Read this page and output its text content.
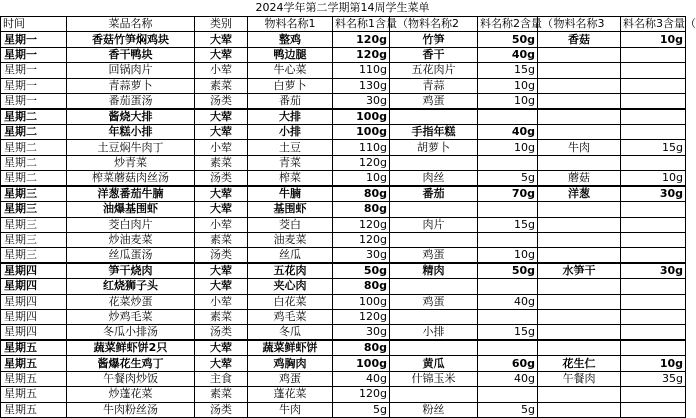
2024学年第二学期第14周学生菜单
时间	菜品名称	类别	物料名称1	料名称1含量（	物料名称2	料名称2含量（	物料名称3	料名称3含量（
星期一	香菇竹笋焖鸡块	大荤	整鸡	120g	竹笋	50g	香菇	10g
星期一	香干鸭块	大荤	鸭边腿	120g	香干	40g		
星期一	回锅肉片	小荤	牛心菜	110g	五花肉片	15g		
星期一	青蒜萝卜	素菜	白萝卜	130g	青蒜	10g		
星期一	番茄蛋汤	汤类	番茄	30g	鸡蛋	10g		
星期二	酱烧大排	大荤	大排	100g				
星期二	年糕小排	大荤	小排	100g	手指年糕	40g		
星期二	土豆焖牛肉丁	小荤	土豆	110g	胡萝卜	10g	牛肉	15g
星期二	炒青菜	素菜	青菜	120g				
星期二	榨菜蘑菇肉丝汤	汤类	榨菜	10g	肉丝	5g	蘑菇	10g
星期三	洋葱番茄牛腩	大荤	牛腩	80g	番茄	70g	洋葱	30g
星期三	油爆基围虾	大荤	基围虾	80g				
星期三	茭白肉片	小荤	茭白	120g	肉片	15g		
星期三	炒油麦菜	素菜	油麦菜	120g				
星期三	丝瓜蛋汤	汤类	丝瓜	30g	鸡蛋	10g		
星期四	笋干烧肉	大荤	五花肉	50g	精肉	50g	水笋干	30g
星期四	红烧狮子头	大荤	夹心肉	80g				
星期四	花菜炒蛋	小荤	白花菜	100g	鸡蛋	40g		
星期四	炒鸡毛菜	素菜	鸡毛菜	120g				
星期四	冬瓜小排汤	汤类	冬瓜	30g	小排	15g		
星期五	蔬菜鲜虾饼2只	大荤	蔬菜鲜虾饼	80g				
星期五	酱爆花生鸡丁	大荤	鸡胸肉	100g	黄瓜	60g	花生仁	10g
星期五	午餐肉炒饭	主食	鸡蛋	40g	什锦玉米	40g	午餐肉	35g
星期五	炒蓬花菜	素菜	蓬花菜	120g				
星期五	牛肉粉丝汤	汤类	牛肉	5g	粉丝	5g		
